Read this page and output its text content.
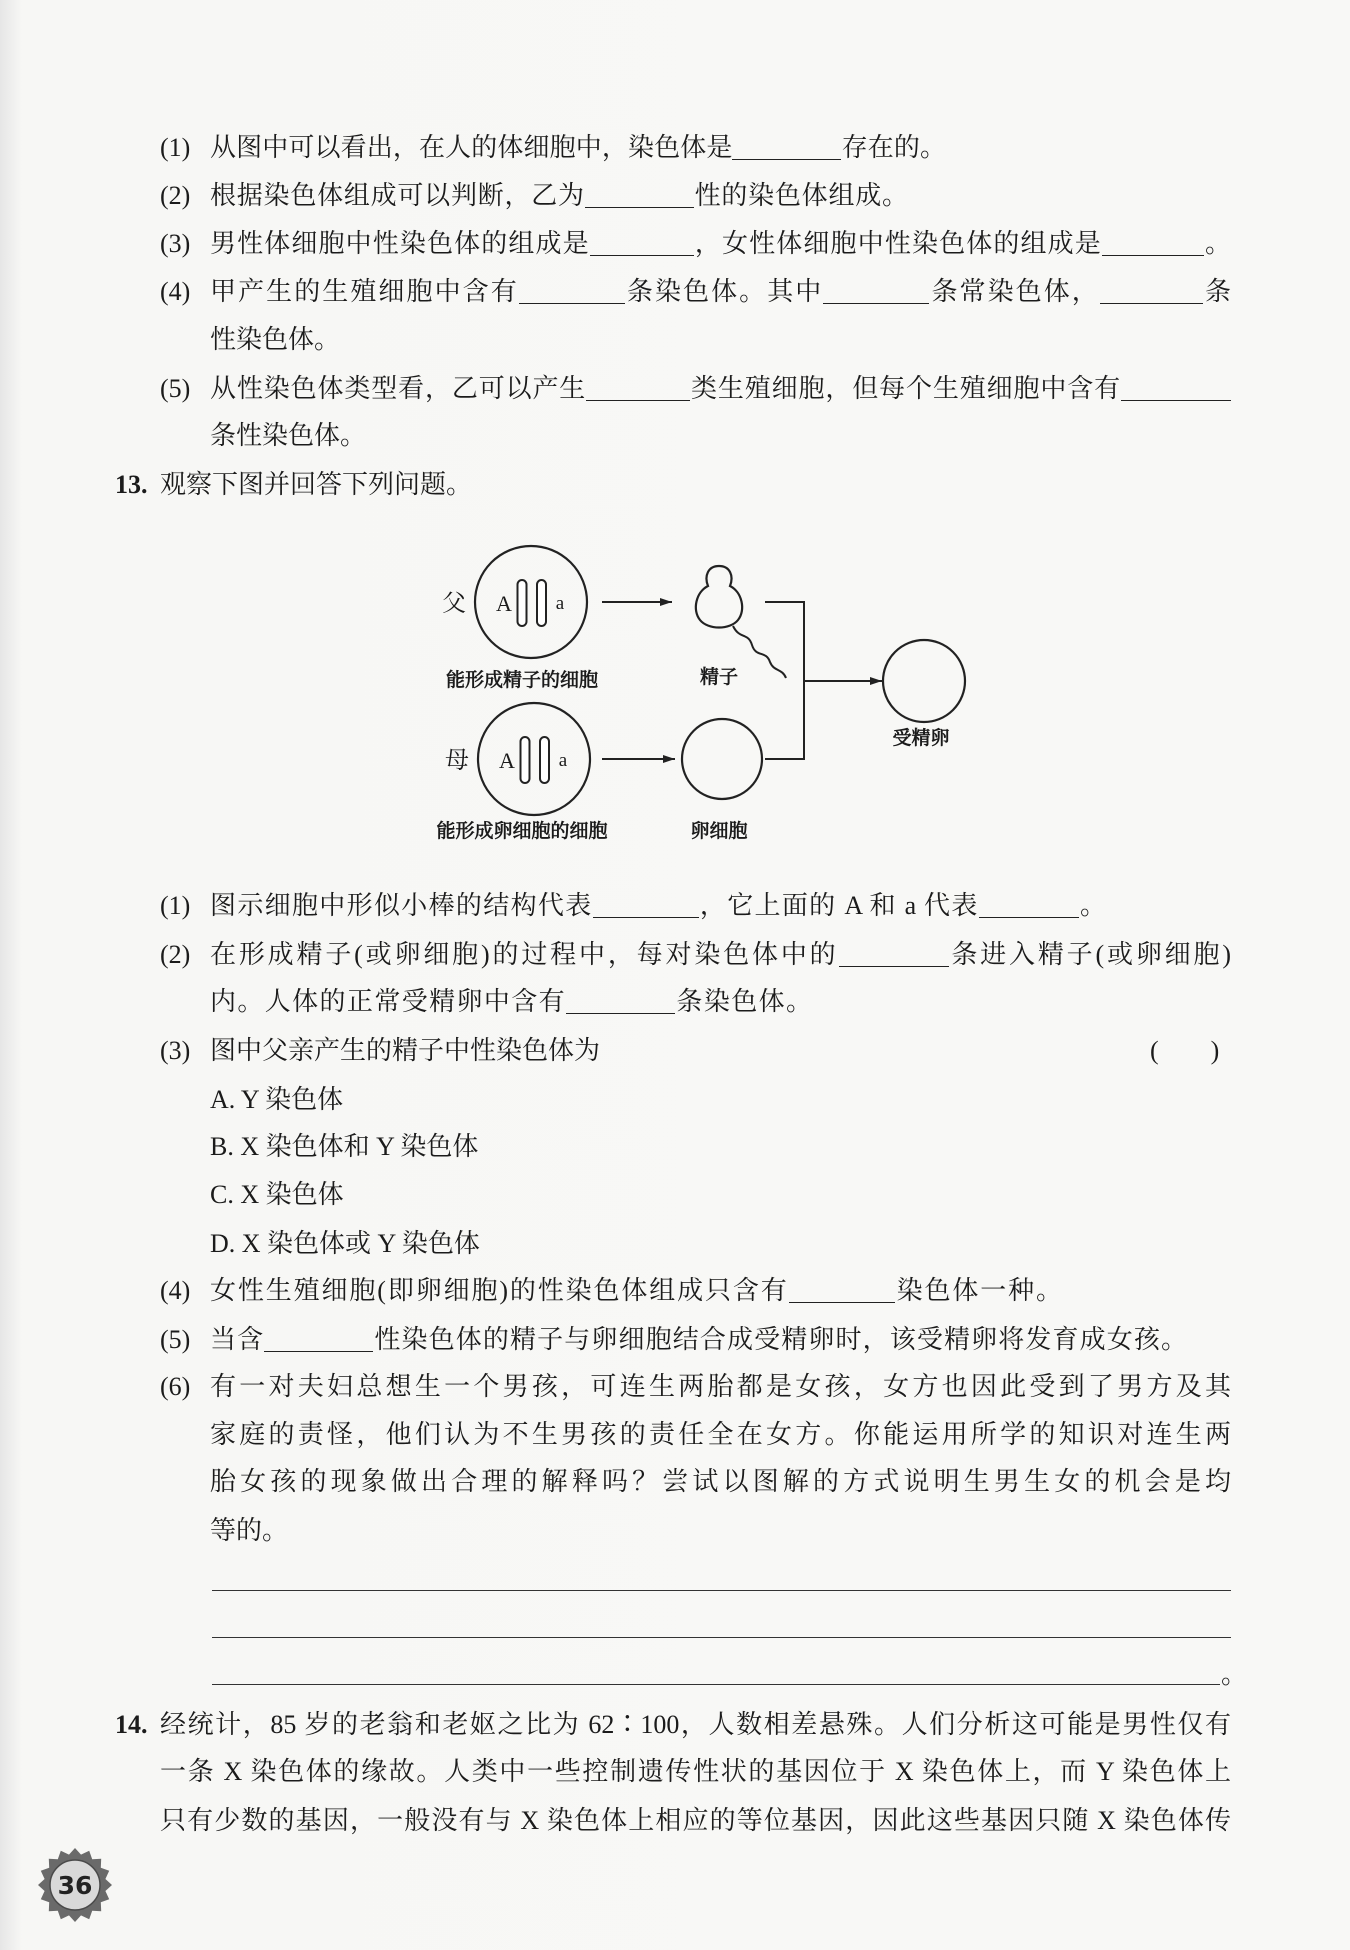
(1) 从图中可以看出，在人的体细胞中，染色体是	存在的。
(2) 根据染色体组成可以判断，乙为	性的染色体组成。
(3) 男性体细胞中性染色体的组成是	，女性体细胞中性染色体的组成是	。
(4) 甲产生的生殖细胞中含有	条染色体。其中	条常染色体，	条
性染色体。
(5) 从性染色体类型看，乙可以产生	类生殖细胞，但每个生殖细胞中含有
条性染色体。
13. 观察下图并回答下列问题。
父 A a
能形成精子的细胞	精子
受精卵
母 A a
能形成卵细胞的细胞	卵细胞
(1) 图示细胞中形似小棒的结构代表	，它上面的 A 和 a 代表	。
(2) 在形成精子(或卵细胞)的过程中，每对染色体中的	条进入精子(或卵细胞)
内。人体的正常受精卵中含有	条染色体。
(3) 图中父亲产生的精子中性染色体为	(　　)
A. Y 染色体
B. X 染色体和 Y 染色体
C. X 染色体
D. X 染色体或 Y 染色体
(4) 女性生殖细胞(即卵细胞)的性染色体组成只含有	染色体一种。
(5) 当含	性染色体的精子与卵细胞结合成受精卵时，该受精卵将发育成女孩。
(6) 有一对夫妇总想生一个男孩，可连生两胎都是女孩，女方也因此受到了男方及其
家庭的责怪，他们认为不生男孩的责任全在女方。你能运用所学的知识对连生两
胎女孩的现象做出合理的解释吗？尝试以图解的方式说明生男生女的机会是均
等的。
。
14. 经统计，85 岁的老翁和老妪之比为 62∶100，人数相差悬殊。人们分析这可能是男性仅有
一条 X 染色体的缘故。人类中一些控制遗传性状的基因位于 X 染色体上，而 Y 染色体上
只有少数的基因，一般没有与 X 染色体上相应的等位基因，因此这些基因只随 X 染色体传
36
